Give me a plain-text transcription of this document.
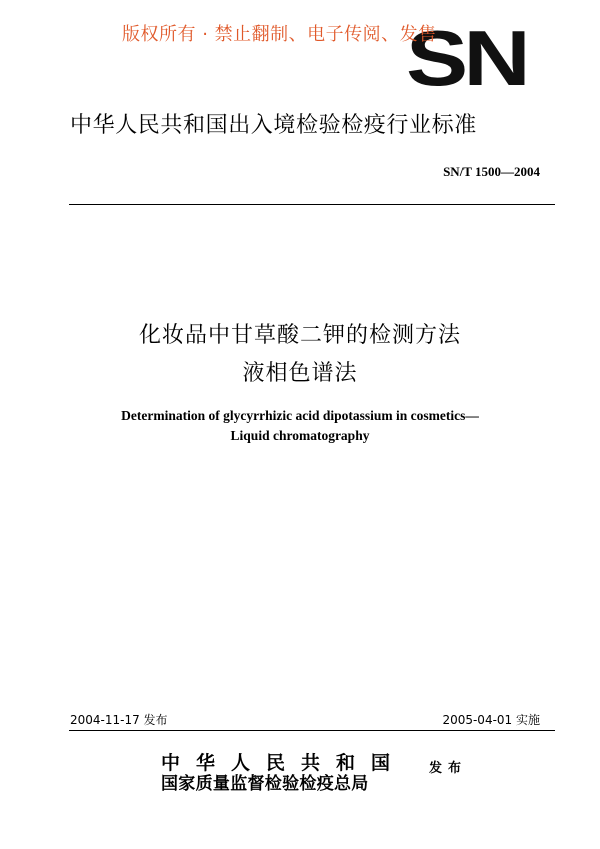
版权所有 · 禁止翻制、电子传阅、发售
SN
中华人民共和国出入境检验检疫行业标准
SN/T 1500—2004
化妆品中甘草酸二钾的检测方法
液相色谱法
Determination of glycyrrhizic acid dipotassium in cosmetics—
Liquid chromatography
2004-11-17 发布	2005-04-01 实施
中华人民共和国
国家质量监督检验检疫总局
发布
